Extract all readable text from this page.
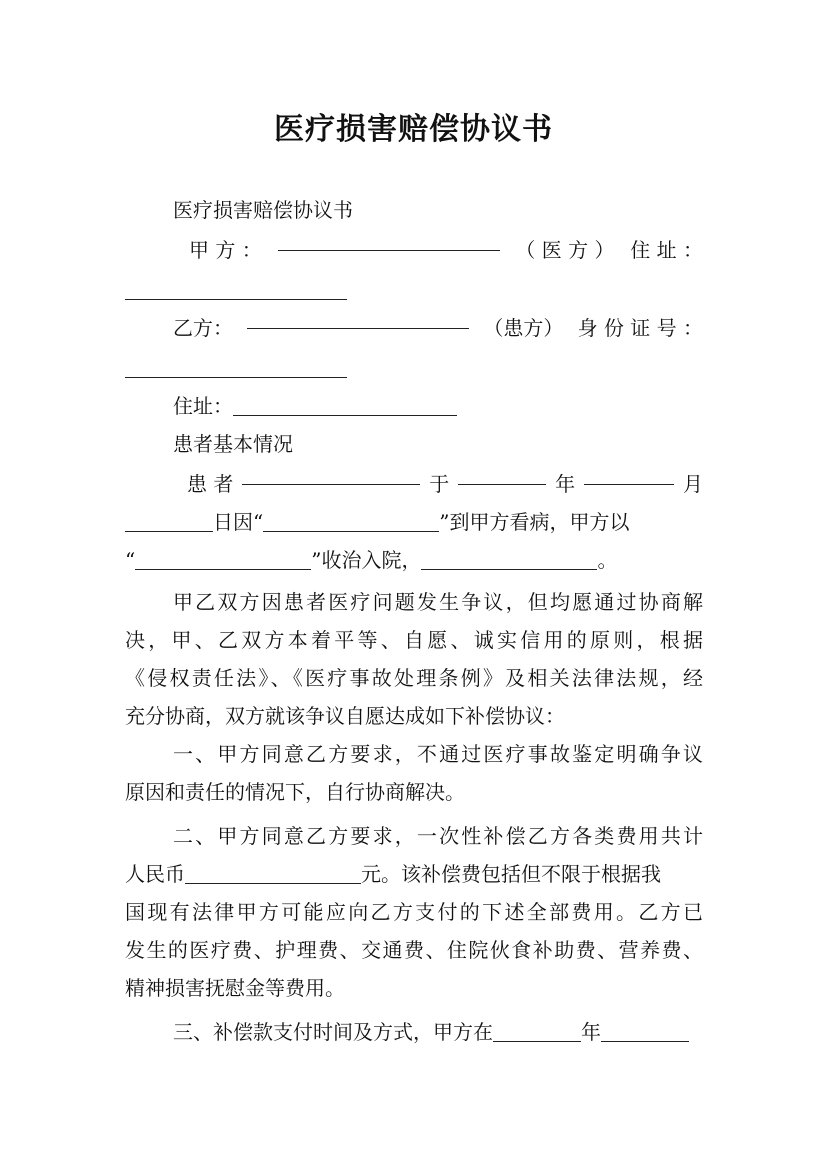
医疗损害赔偿协议书
医疗损害赔偿协议书
甲 方 ：	（ 医 方 ） 住 址 ：
乙方：	（患方） 身 份 证 号 ：
住址：
患者基本情况
患 者	于	年	月
日因“	”到甲方看病，甲方以
“	”收治入院，	。
甲乙双方因患者医疗问题发生争议，但均愿通过协商解
决，甲、乙双方本着平等、自愿、诚实信用的原则，根据
《侵权责任法》、《医疗事故处理条例》及相关法律法规，经
充分协商，双方就该争议自愿达成如下补偿协议：
一、甲方同意乙方要求，不通过医疗事故鉴定明确争议
原因和责任的情况下，自行协商解决。
二、甲方同意乙方要求，一次性补偿乙方各类费用共计
人民币	元。该补偿费包括但不限于根据我
国现有法律甲方可能应向乙方支付的下述全部费用。乙方已
发生的医疗费、护理费、交通费、住院伙食补助费、营养费、
精神损害抚慰金等费用。
三、补偿款支付时间及方式，甲方在	年
